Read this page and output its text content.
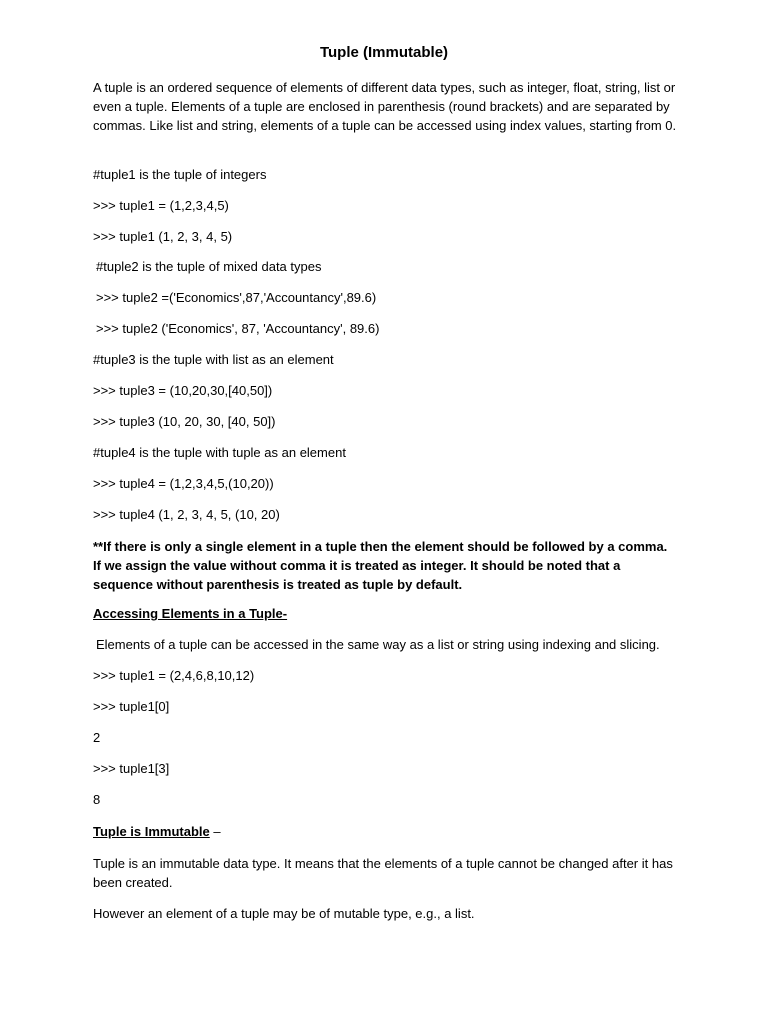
Tuple (Immutable)
A tuple is an ordered sequence of elements of different data types, such as integer, float, string, list or even a tuple. Elements of a tuple are enclosed in parenthesis (round brackets) and are separated by commas. Like list and string, elements of a tuple can be accessed using index values, starting from 0.
#tuple1 is the tuple of integers
>>> tuple1 = (1,2,3,4,5)
>>> tuple1 (1, 2, 3, 4, 5)
#tuple2 is the tuple of mixed data types
>>> tuple2 =('Economics',87,'Accountancy',89.6)
>>> tuple2 ('Economics', 87, 'Accountancy', 89.6)
#tuple3 is the tuple with list as an element
>>> tuple3 = (10,20,30,[40,50])
>>> tuple3 (10, 20, 30, [40, 50])
#tuple4 is the tuple with tuple as an element
>>> tuple4 = (1,2,3,4,5,(10,20))
>>> tuple4 (1, 2, 3, 4, 5, (10, 20)
**If there is only a single element in a tuple then the element should be followed by a comma. If we assign the value without comma it is treated as integer. It should be noted that a sequence without parenthesis is treated as tuple by default.
Accessing Elements in a Tuple-
Elements of a tuple can be accessed in the same way as a list or string using indexing and slicing.
>>> tuple1 = (2,4,6,8,10,12)
>>> tuple1[0]
2
>>> tuple1[3]
8
Tuple is Immutable –
Tuple is an immutable data type. It means that the elements of a tuple cannot be changed after it has been created.
However an element of a tuple may be of mutable type, e.g., a list.
